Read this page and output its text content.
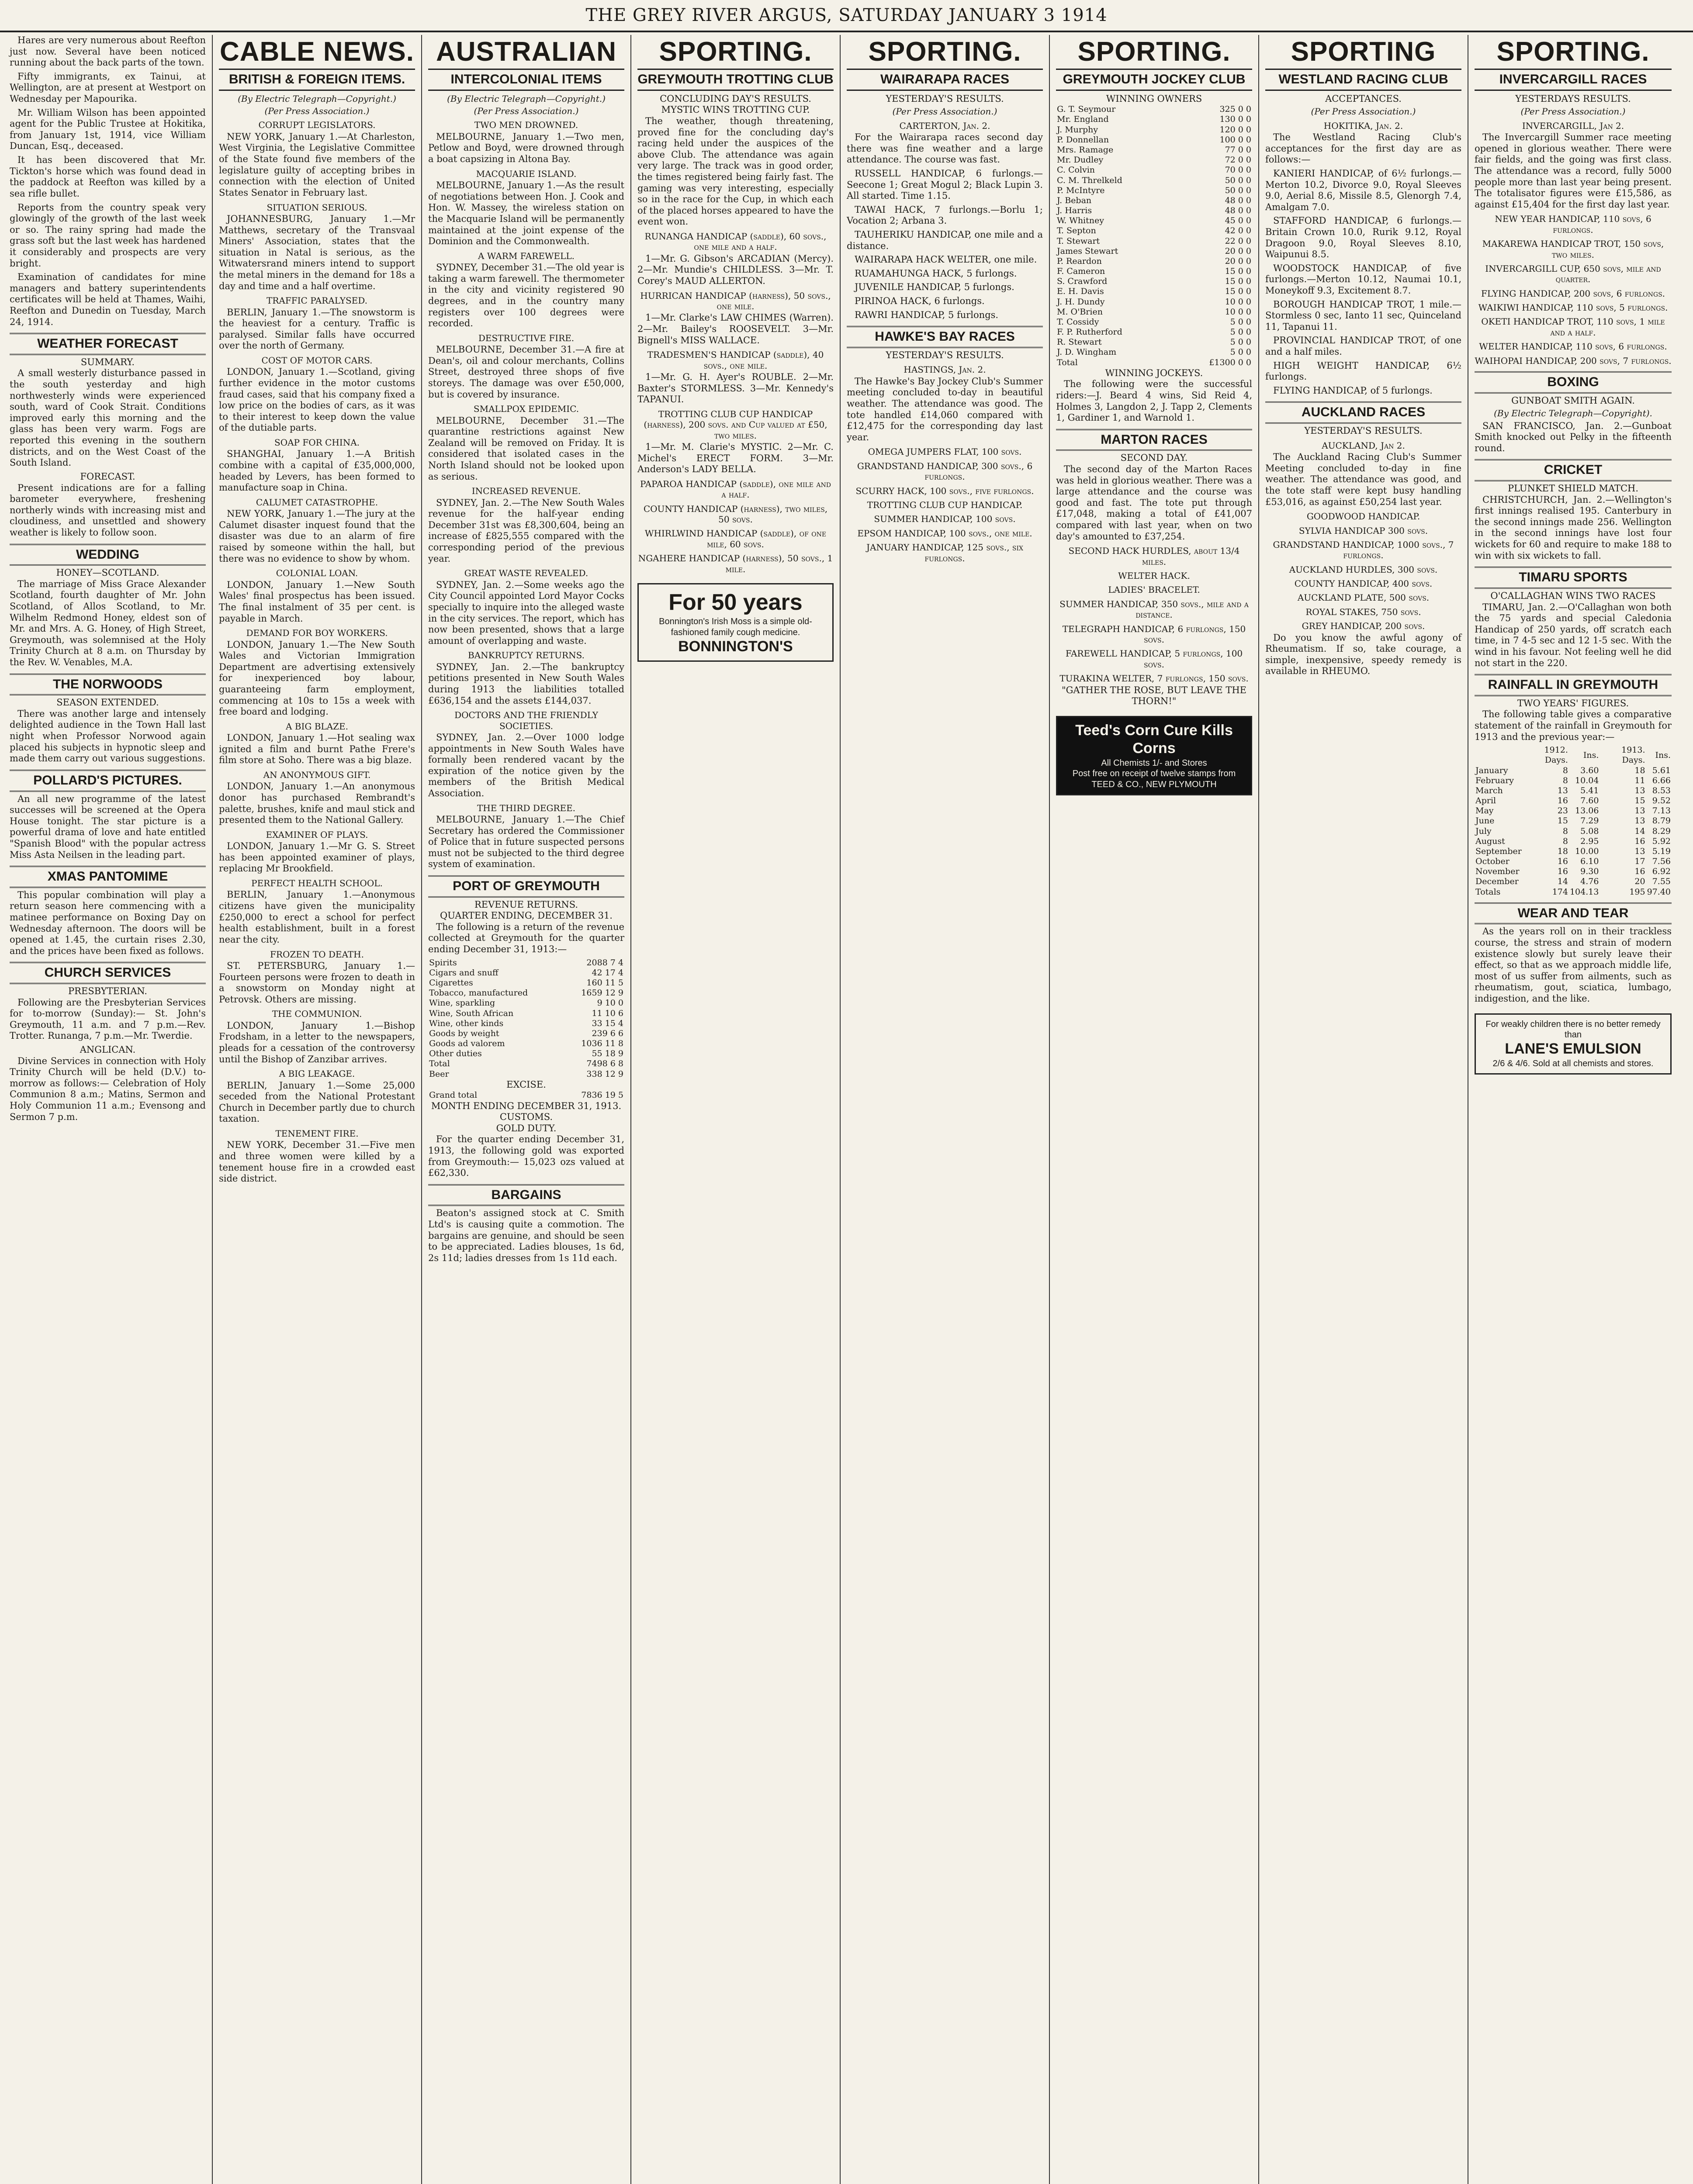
THE GREY RIVER ARGUS, SATURDAY JANUARY 3 1914

Hares are very numerous about Reefton just now. Several have been noticed running about the back parts of the town.

Fifty immigrants, ex Tainui, at Wellington, are at present at Westport on Wednesday per Mapourika.

Mr. William Wilson has been appointed agent for the Public Trustee at Hokitika, from January 1st, 1914, vice William Duncan, Esq., deceased.

It has been discovered that Mr. Tickton's horse which was found dead in the paddock at Reefton was killed by a sea rifle bullet.

Reports from the country speak very glowingly of the growth of the last week or so. The rainy spring had made the grass soft but the last week has hardened it considerably and prospects are very bright.

Examination of candidates for mine managers and battery superintendents certificates will be held at Thames, Waihi, Reefton and Dunedin on Tuesday, March 24, 1914.

WEATHER FORECAST
SUMMARY.

A small westerly disturbance passed in the south yesterday and high northwesterly winds were experienced south, ward of Cook Strait. Conditions improved early this morning and the glass has been very warm. Fogs are reported this evening in the southern districts, and on the West Coast of the South Island.

FORECAST.

Present indications are for a falling barometer everywhere, freshening northerly winds with increasing mist and cloudiness, and unsettled and showery weather is likely to follow soon.

WEDDING
HONEY—SCOTLAND.

The marriage of Miss Grace Alexander Scotland, fourth daughter of Mr. John Scotland, of Allos Scotland, to Mr. Wilhelm Redmond Honey, eldest son of Mr. and Mrs. A. G. Honey, of High Street, Greymouth, was solemnised at the Holy Trinity Church at 8 a.m. on Thursday by the Rev. W. Venables, M.A.

THE NORWOODS
SEASON EXTENDED.

There was another large and intensely delighted audience in the Town Hall last night when Professor Norwood again placed his subjects in hypnotic sleep and made them carry out various suggestions.

POLLARD'S PICTURES.

An all new programme of the latest successes will be screened at the Opera House tonight. The star picture is a powerful drama of love and hate entitled "Spanish Blood" with the popular actress Miss Asta Neilsen in the leading part.

XMAS PANTOMIME

This popular combination will play a return season here commencing with a matinee performance on Boxing Day on Wednesday afternoon. The doors will be opened at 1.45, the curtain rises 2.30, and the prices have been fixed as follows.

CHURCH SERVICES
PRESBYTERIAN.

Following are the Presbyterian Services for to-morrow (Sunday):— St. John's Greymouth, 11 a.m. and 7 p.m.—Rev. Trotter. Runanga, 7 p.m.—Mr. Twerdie.

ANGLICAN.

Divine Services in connection with Holy Trinity Church will be held (D.V.) to-morrow as follows:— Celebration of Holy Communion 8 a.m.; Matins, Sermon and Holy Communion 11 a.m.; Evensong and Sermon 7 p.m.

CABLE NEWS.
BRITISH & FOREIGN ITEMS.
(By Electric Telegraph—Copyright.)
(Per Press Association.)
CORRUPT LEGISLATORS.

NEW YORK, January 1.—At Charleston, West Virginia, the Legislative Committee of the State found five members of the legislature guilty of accepting bribes in connection with the election of United States Senator in February last.

SITUATION SERIOUS.

JOHANNESBURG, January 1.—Mr Matthews, secretary of the Transvaal Miners' Association, states that the situation in Natal is serious, as the Witwatersrand miners intend to support the metal miners in the demand for 18s a day and time and a half overtime.

TRAFFIC PARALYSED.

BERLIN, January 1.—The snowstorm is the heaviest for a century. Traffic is paralysed. Similar falls have occurred over the north of Germany.

COST OF MOTOR CARS.

LONDON, January 1.—Scotland, giving further evidence in the motor customs fraud cases, said that his company fixed a low price on the bodies of cars, as it was to their interest to keep down the value of the dutiable parts.

SOAP FOR CHINA.

SHANGHAI, January 1.—A British combine with a capital of £35,000,000, headed by Levers, has been formed to manufacture soap in China.

CALUMET CATASTROPHE.

NEW YORK, January 1.—The jury at the Calumet disaster inquest found that the disaster was due to an alarm of fire raised by someone within the hall, but there was no evidence to show by whom.

COLONIAL LOAN.

LONDON, January 1.—New South Wales' final prospectus has been issued. The final instalment of 35 per cent. is payable in March.

DEMAND FOR BOY WORKERS.

LONDON, January 1.—The New South Wales and Victorian Immigration Department are advertising extensively for inexperienced boy labour, guaranteeing farm employment, commencing at 10s to 15s a week with free board and lodging.

A BIG BLAZE.

LONDON, January 1.—Hot sealing wax ignited a film and burnt Pathe Frere's film store at Soho. There was a big blaze.

AN ANONYMOUS GIFT.

LONDON, January 1.—An anonymous donor has purchased Rembrandt's palette, brushes, knife and maul stick and presented them to the National Gallery.

EXAMINER OF PLAYS.

LONDON, January 1.—Mr G. S. Street has been appointed examiner of plays, replacing Mr Brookfield.

PERFECT HEALTH SCHOOL.

BERLIN, January 1.—Anonymous citizens have given the municipality £250,000 to erect a school for perfect health establishment, built in a forest near the city.

FROZEN TO DEATH.

ST. PETERSBURG, January 1.—Fourteen persons were frozen to death in a snowstorm on Monday night at Petrovsk. Others are missing.

THE COMMUNION.

LONDON, January 1.—Bishop Frodsham, in a letter to the newspapers, pleads for a cessation of the controversy until the Bishop of Zanzibar arrives.

A BIG LEAKAGE.

BERLIN, January 1.—Some 25,000 seceded from the National Protestant Church in December partly due to church taxation.

TENEMENT FIRE.

NEW YORK, December 31.—Five men and three women were killed by a tenement house fire in a crowded east side district.

AUSTRALIAN
INTERCOLONIAL ITEMS
(By Electric Telegraph—Copyright.)
(Per Press Association.)
TWO MEN DROWNED.

MELBOURNE, January 1.—Two men, Petlow and Boyd, were drowned through a boat capsizing in Altona Bay.

MACQUARIE ISLAND.

MELBOURNE, January 1.—As the result of negotiations between Hon. J. Cook and Hon. W. Massey, the wireless station on the Macquarie Island will be permanently maintained at the joint expense of the Dominion and the Commonwealth.

A WARM FAREWELL.

SYDNEY, December 31.—The old year is taking a warm farewell. The thermometer in the city and vicinity registered 90 degrees, and in the country many registers over 100 degrees were recorded.

DESTRUCTIVE FIRE.

MELBOURNE, December 31.—A fire at Dean's, oil and colour merchants, Collins Street, destroyed three shops of five storeys. The damage was over £50,000, but is covered by insurance.

SMALLPOX EPIDEMIC.

MELBOURNE, December 31.—The quarantine restrictions against New Zealand will be removed on Friday. It is considered that isolated cases in the North Island should not be looked upon as serious.

INCREASED REVENUE.

SYDNEY, Jan. 2.—The New South Wales revenue for the half-year ending December 31st was £8,300,604, being an increase of £825,555 compared with the corresponding period of the previous year.

GREAT WASTE REVEALED.

SYDNEY, Jan. 2.—Some weeks ago the City Council appointed Lord Mayor Cocks specially to inquire into the alleged waste in the city services. The report, which has now been presented, shows that a large amount of overlapping and waste.

BANKRUPTCY RETURNS.

SYDNEY, Jan. 2.—The bankruptcy petitions presented in New South Wales during 1913 the liabilities totalled £636,154 and the assets £144,037.

DOCTORS AND THE FRIENDLY SOCIETIES.

SYDNEY, Jan. 2.—Over 1000 lodge appointments in New South Wales have formally been rendered vacant by the expiration of the notice given by the members of the British Medical Association.

THE THIRD DEGREE.

MELBOURNE, January 1.—The Chief Secretary has ordered the Commissioner of Police that in future suspected persons must not be subjected to the third degree system of examination.

PORT OF GREYMOUTH
REVENUE RETURNS.
QUARTER ENDING, DECEMBER 31.

The following is a return of the revenue collected at Greymouth for the quarter ending December 31, 1913:—

Spirits	2088 7 4
Cigars and snuff	42 17 4
Cigarettes	160 11 5
Tobacco, manufactured	1659 12 9
Wine, sparkling	9 10 0
Wine, South African	11 10 6
Wine, other kinds	33 15 4
Goods by weight	239 6 6
Goods ad valorem	1036 11 8
Other duties	55 18 9
Total	7498 6 8
Beer	338 12 9
EXCISE.
Grand total	7836 19 5
MONTH ENDING DECEMBER 31, 1913.
CUSTOMS.
GOLD DUTY.

For the quarter ending December 31, 1913, the following gold was exported from Greymouth:— 15,023 ozs valued at £62,330.

BARGAINS

Beaton's assigned stock at C. Smith Ltd's is causing quite a commotion. The bargains are genuine, and should be seen to be appreciated. Ladies blouses, 1s 6d, 2s 11d; ladies dresses from 1s 11d each.

SPORTING.
GREYMOUTH TROTTING CLUB
CONCLUDING DAY'S RESULTS.
MYSTIC WINS TROTTING CUP.

The weather, though threatening, proved fine for the concluding day's racing held under the auspices of the above Club. The attendance was again very large. The track was in good order, the times registered being fairly fast. The gaming was very interesting, especially so in the race for the Cup, in which each of the placed horses appeared to have the event won.

RUNANGA HANDICAP (saddle), 60 sovs., one mile and a half.

1—Mr. G. Gibson's ARCADIAN (Mercy). 2—Mr. Mundie's CHILDLESS. 3—Mr. T. Corey's MAUD ALLERTON.

HURRICAN HANDICAP (harness), 50 sovs., one mile.

1—Mr. Clarke's LAW CHIMES (Warren). 2—Mr. Bailey's ROOSEVELT. 3—Mr. Bignell's MISS WALLACE.

TRADESMEN'S HANDICAP (saddle), 40 sovs., one mile.

1—Mr. G. H. Ayer's ROUBLE. 2—Mr. Baxter's STORMLESS. 3—Mr. Kennedy's TAPANUI.

TROTTING CLUB CUP HANDICAP (harness), 200 sovs. and Cup valued at £50, two miles.

1—Mr. M. Clarie's MYSTIC. 2—Mr. C. Michel's ERECT FORM. 3—Mr. Anderson's LADY BELLA.

PAPAROA HANDICAP (saddle), one mile and a half.
COUNTY HANDICAP (harness), two miles, 50 sovs.
WHIRLWIND HANDICAP (saddle), of one mile, 60 sovs.
NGAHERE HANDICAP (harness), 50 sovs., 1 mile.
For 50 years
Bonnington's Irish Moss is a simple old-fashioned family cough medicine.
BONNINGTON'S
SPORTING.
WAIRARAPA RACES
YESTERDAY'S RESULTS.
(Per Press Association.)
CARTERTON, Jan. 2.

For the Wairarapa races second day there was fine weather and a large attendance. The course was fast.

RUSSELL HANDICAP, 6 furlongs.—Seecone 1; Great Mogul 2; Black Lupin 3. All started. Time 1.15.

TAWAI HACK, 7 furlongs.—Borlu 1; Vocation 2; Arbana 3.

TAUHERIKU HANDICAP, one mile and a distance.

WAIRARAPA HACK WELTER, one mile.

RUAMAHUNGA HACK, 5 furlongs.

JUVENILE HANDICAP, 5 furlongs.

PIRINOA HACK, 6 furlongs.

RAWRI HANDICAP, 5 furlongs.

HAWKE'S BAY RACES
YESTERDAY'S RESULTS.
HASTINGS, Jan. 2.

The Hawke's Bay Jockey Club's Summer meeting concluded to-day in beautiful weather. The attendance was good. The tote handled £14,060 compared with £12,475 for the corresponding day last year.

OMEGA JUMPERS FLAT, 100 sovs.
GRANDSTAND HANDICAP, 300 sovs., 6 furlongs.
SCURRY HACK, 100 sovs., five furlongs.
TROTTING CLUB CUP HANDICAP.
SUMMER HANDICAP, 100 sovs.
EPSOM HANDICAP, 100 sovs., one mile.
JANUARY HANDICAP, 125 sovs., six furlongs.
SPORTING.
GREYMOUTH JOCKEY CLUB
WINNING OWNERS
G. T. Seymour	325 0 0
Mr. England	130 0 0
J. Murphy	120 0 0
P. Donnellan	100 0 0
Mrs. Ramage	77 0 0
Mr. Dudley	72 0 0
C. Colvin	70 0 0
C. M. Threlkeld	50 0 0
P. McIntyre	50 0 0
J. Beban	48 0 0
J. Harris	48 0 0
W. Whitney	45 0 0
T. Septon	42 0 0
T. Stewart	22 0 0
James Stewart	20 0 0
P. Reardon	20 0 0
F. Cameron	15 0 0
S. Crawford	15 0 0
E. H. Davis	15 0 0
J. H. Dundy	10 0 0
M. O'Brien	10 0 0
T. Cossidy	5 0 0
F. P. Rutherford	5 0 0
R. Stewart	5 0 0
J. D. Wingham	5 0 0
Total	£1300 0 0
WINNING JOCKEYS.

The following were the successful riders:—J. Beard 4 wins, Sid Reid 4, Holmes 3, Langdon 2, J. Tapp 2, Clements 1, Gardiner 1, and Warnold 1.

MARTON RACES
SECOND DAY.

The second day of the Marton Races was held in glorious weather. There was a large attendance and the course was good and fast. The tote put through £17,048, making a total of £41,007 compared with last year, when on two day's amounted to £37,254.

SECOND HACK HURDLES, about 13/4 miles.
WELTER HACK.
LADIES' BRACELET.
SUMMER HANDICAP, 350 sovs., mile and a distance.
TELEGRAPH HANDICAP, 6 furlongs, 150 sovs.
FAREWELL HANDICAP, 5 furlongs, 100 sovs.
TURAKINA WELTER, 7 furlongs, 150 sovs.
"GATHER THE ROSE, BUT LEAVE THE THORN!"
Teed's Corn Cure Kills Corns
All Chemists 1/- and Stores
Post free on receipt of twelve stamps from TEED & CO., NEW PLYMOUTH
SPORTING
WESTLAND RACING CLUB
ACCEPTANCES.
(Per Press Association.)
HOKITIKA, Jan. 2.

The Westland Racing Club's acceptances for the first day are as follows:—

KANIERI HANDICAP, of 6½ furlongs.—Merton 10.2, Divorce 9.0, Royal Sleeves 9.0, Aerial 8.6, Missile 8.5, Glenorgh 7.4, Amalgam 7.0.

STAFFORD HANDICAP, 6 furlongs.—Britain Crown 10.0, Rurik 9.12, Royal Dragoon 9.0, Royal Sleeves 8.10, Waipunui 8.5.

WOODSTOCK HANDICAP, of five furlongs.—Merton 10.12, Naumai 10.1, Moneykoff 9.3, Excitement 8.7.

BOROUGH HANDICAP TROT, 1 mile.—Stormless 0 sec, Ianto 11 sec, Quinceland 11, Tapanui 11.

PROVINCIAL HANDICAP TROT, of one and a half miles.

HIGH WEIGHT HANDICAP, 6½ furlongs.

FLYING HANDICAP, of 5 furlongs.

AUCKLAND RACES
YESTERDAY'S RESULTS.
AUCKLAND, Jan 2.

The Auckland Racing Club's Summer Meeting concluded to-day in fine weather. The attendance was good, and the tote staff were kept busy handling £53,016, as against £50,254 last year.

GOODWOOD HANDICAP.
SYLVIA HANDICAP 300 sovs.
GRANDSTAND HANDICAP, 1000 sovs., 7 furlongs.
AUCKLAND HURDLES, 300 sovs.
COUNTY HANDICAP, 400 sovs.
AUCKLAND PLATE, 500 sovs.
ROYAL STAKES, 750 sovs.
GREY HANDICAP, 200 sovs.

Do you know the awful agony of Rheumatism. If so, take courage, a simple, inexpensive, speedy remedy is available in RHEUMO.

SPORTING.
INVERCARGILL RACES
YESTERDAYS RESULTS.
(Per Press Association.)
INVERCARGILL, Jan 2.

The Invercargill Summer race meeting opened in glorious weather. There were fair fields, and the going was first class. The attendance was a record, fully 5000 people more than last year being present. The totalisator figures were £15,586, as against £15,404 for the first day last year.

NEW YEAR HANDICAP, 110 sovs, 6 furlongs.
MAKAREWA HANDICAP TROT, 150 sovs, two miles.
INVERCARGILL CUP, 650 sovs, mile and quarter.
FLYING HANDICAP, 200 sovs, 6 furlongs.
WAIKIWI HANDICAP, 110 sovs, 5 furlongs.
OKETI HANDICAP TROT, 110 sovs, 1 mile and a half.
WELTER HANDICAP, 110 sovs, 6 furlongs.
WAIHOPAI HANDICAP, 200 sovs, 7 furlongs.
BOXING
GUNBOAT SMITH AGAIN.
(By Electric Telegraph—Copyright).

SAN FRANCISCO, Jan. 2.—Gunboat Smith knocked out Pelky in the fifteenth round.

CRICKET
PLUNKET SHIELD MATCH.

CHRISTCHURCH, Jan. 2.—Wellington's first innings realised 195. Canterbury in the second innings made 256. Wellington in the second innings have lost four wickets for 60 and require to make 188 to win with six wickets to fall.

TIMARU SPORTS
O'CALLAGHAN WINS TWO RACES

TIMARU, Jan. 2.—O'Callaghan won both the 75 yards and special Caledonia Handicap of 250 yards, off scratch each time, in 7 4-5 sec and 12 1-5 sec. With the wind in his favour. Not feeling well he did not start in the 220.

RAINFALL IN GREYMOUTH
TWO YEARS' FIGURES.

The following table gives a comparative statement of the rainfall in Greymouth for 1913 and the previous year:—

	1912. Days.	Ins.	1913. Days.	Ins.
January	8	3.60	18	5.61
February	8	10.04	11	6.66
March	13	5.41	13	8.53
April	16	7.60	15	9.52
May	23	13.06	13	7.13
June	15	7.29	13	8.79
July	8	5.08	14	8.29
August	8	2.95	16	5.92
September	18	10.00	13	5.19
October	16	6.10	17	7.56
November	16	9.30	16	6.92
December	14	4.76	20	7.55
Totals	174	104.13	195	97.40
WEAR AND TEAR

As the years roll on in their trackless course, the stress and strain of modern existence slowly but surely leave their effect, so that as we approach middle life, most of us suffer from ailments, such as rheumatism, gout, sciatica, lumbago, indigestion, and the like.

For weakly children there is no better remedy than
LANE'S EMULSION
2/6 & 4/6. Sold at all chemists and stores.
